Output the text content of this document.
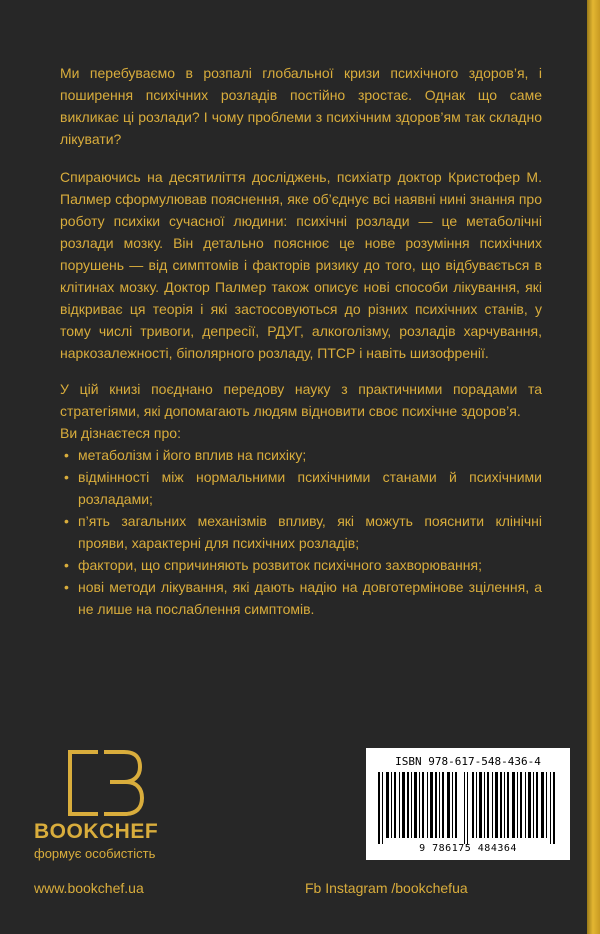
Ми перебуваємо в розпалі глобальної кризи психічного здоров’я, і поширення психічних розладів постійно зростає. Однак що саме викликає ці розлади? І чому проблеми з психічним здоров’ям так складно лікувати?

Спираючись на десятиліття досліджень, психіатр доктор Кристофер М. Палмер сформулював пояснення, яке об’єднує всі наявні нині знання про роботу психіки сучасної людини: психічні розлади — це метаболічні розлади мозку. Він детально пояснює це нове розуміння психічних порушень — від симптомів і факторів ризику до того, що відбувається в клітинах мозку. Доктор Палмер також описує нові способи лікування, які відкриває ця теорія і які застосовуються до різних психічних станів, у тому числі тривоги, депресії, РДУГ, алкоголізму, розладів харчування, наркозалежності, біполярного розладу, ПТСР і навіть шизофренії.

У цій книзі поєднано передову науку з практичними порадами та стратегіями, які допомагають людям відновити своє психічне здоров’я.

Ви дізнаєтеся про:

• метаболізм і його вплив на психіку;
• відмінності між нормальними психічними станами й психічними розладами;
• п’ять загальних механізмів впливу, які можуть пояснити клінічні прояви, характерні для психічних розладів;
• фактори, що спричиняють розвиток психічного захворювання;
• нові методи лікування, які дають надію на довготермінове зцілення, а не лише на послаблення симптомів.
BOOKCHEF
формує особистість
www.bookchef.ua	Fb Instagram /bookchefua
ISBN 978-617-548-436-4
9 786175 484364
